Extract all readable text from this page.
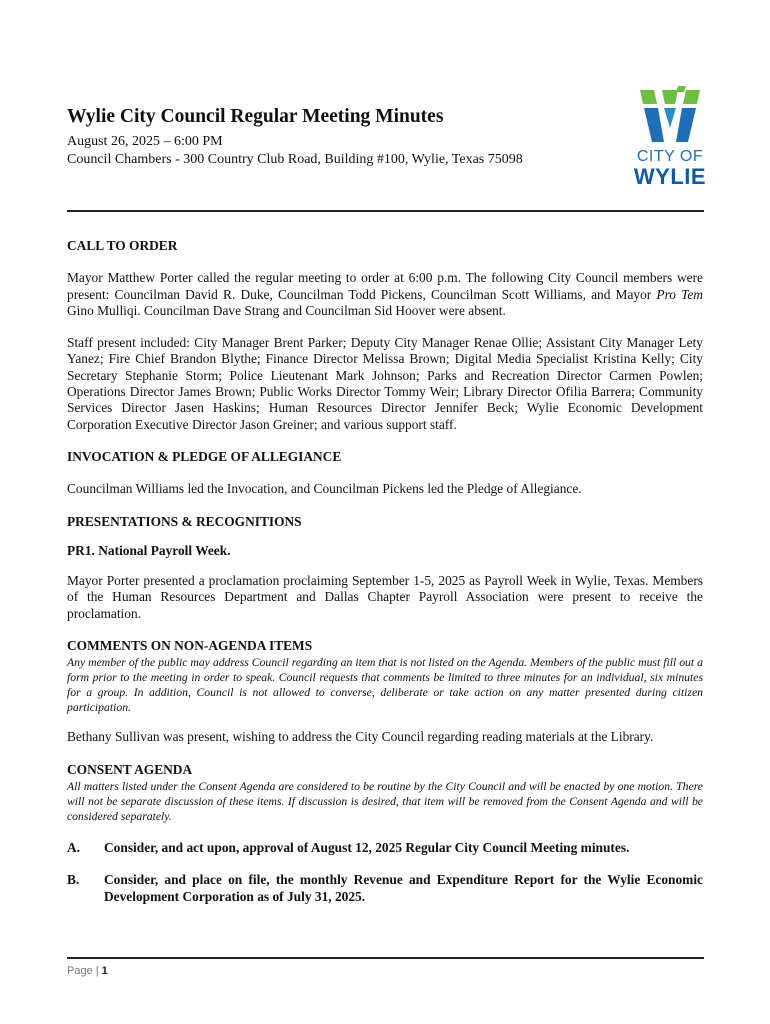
Wylie City Council Regular Meeting Minutes
August 26, 2025 – 6:00 PM
Council Chambers - 300 Country Club Road, Building #100, Wylie, Texas 75098	CITY OF
WYLIE

CALL TO ORDER

Mayor Matthew Porter called the regular meeting to order at 6:00 p.m. The following City Council members were present: Councilman David R. Duke, Councilman Todd Pickens, Councilman Scott Williams, and Mayor Pro Tem Gino Mulliqi. Councilman Dave Strang and Councilman Sid Hoover were absent.

Staff present included: City Manager Brent Parker; Deputy City Manager Renae Ollie; Assistant City Manager Lety Yanez; Fire Chief Brandon Blythe; Finance Director Melissa Brown; Digital Media Specialist Kristina Kelly; City Secretary Stephanie Storm; Police Lieutenant Mark Johnson; Parks and Recreation Director Carmen Powlen; Operations Director James Brown; Public Works Director Tommy Weir; Library Director Ofilia Barrera; Community Services Director Jasen Haskins; Human Resources Director Jennifer Beck; Wylie Economic Development Corporation Executive Director Jason Greiner; and various support staff.

INVOCATION & PLEDGE OF ALLEGIANCE

Councilman Williams led the Invocation, and Councilman Pickens led the Pledge of Allegiance.

PRESENTATIONS & RECOGNITIONS

PR1. National Payroll Week.

Mayor Porter presented a proclamation proclaiming September 1-5, 2025 as Payroll Week in Wylie, Texas. Members of the Human Resources Department and Dallas Chapter Payroll Association were present to receive the proclamation.

COMMENTS ON NON-AGENDA ITEMS

Any member of the public may address Council regarding an item that is not listed on the Agenda. Members of the public must fill out a form prior to the meeting in order to speak. Council requests that comments be limited to three minutes for an individual, six minutes for a group. In addition, Council is not allowed to converse, deliberate or take action on any matter presented during citizen participation.

Bethany Sullivan was present, wishing to address the City Council regarding reading materials at the Library.

CONSENT AGENDA

All matters listed under the Consent Agenda are considered to be routine by the City Council and will be enacted by one motion. There will not be separate discussion of these items. If discussion is desired, that item will be removed from the Consent Agenda and will be considered separately.

A.	Consider, and act upon, approval of August 12, 2025 Regular City Council Meeting minutes.
B.	Consider, and place on file, the monthly Revenue and Expenditure Report for the Wylie Economic Development Corporation as of July 31, 2025.
Page | 1
